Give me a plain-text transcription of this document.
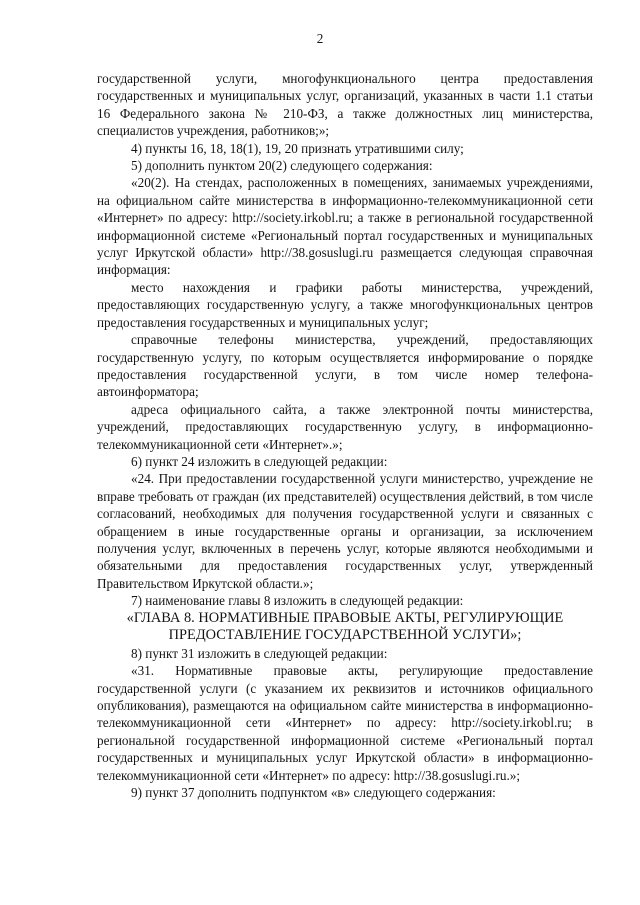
2

государственной услуги, многофункционального центра предоставления государственных и муниципальных услуг, организаций, указанных в части 1.1 статьи 16 Федерального закона № 210-ФЗ, а также должностных лиц министерства, специалистов учреждения, работников;»;

4) пункты 16, 18, 18(1), 19, 20 признать утратившими силу;

5) дополнить пунктом 20(2) следующего содержания:

«20(2). На стендах, расположенных в помещениях, занимаемых учреждениями, на официальном сайте министерства в информационно-телекоммуникационной сети «Интернет» по адресу: http://society.irkobl.ru; а также в региональной государственной информационной системе «Региональный портал государственных и муниципальных услуг Иркутской области» http://38.gosuslugi.ru размещается следующая справочная информация:

место нахождения и графики работы министерства, учреждений, предоставляющих государственную услугу, а также многофункциональных центров предоставления государственных и муниципальных услуг;

справочные телефоны министерства, учреждений, предоставляющих государственную услугу, по которым осуществляется информирование о порядке предоставления государственной услуги, в том числе номер телефона-автоинформатора;

адреса официального сайта, а также электронной почты министерства, учреждений, предоставляющих государственную услугу, в информационно-телекоммуникационной сети «Интернет».»;

6) пункт 24 изложить в следующей редакции:

«24. При предоставлении государственной услуги министерство, учреждение не вправе требовать от граждан (их представителей) осуществления действий, в том числе согласований, необходимых для получения государственной услуги и связанных с обращением в иные государственные органы и организации, за исключением получения услуг, включенных в перечень услуг, которые являются необходимыми и обязательными для предоставления государственных услуг, утвержденный Правительством Иркутской области.»;

7) наименование главы 8 изложить в следующей редакции:

«ГЛАВА 8. НОРМАТИВНЫЕ ПРАВОВЫЕ АКТЫ, РЕГУЛИРУЮЩИЕ ПРЕДОСТАВЛЕНИЕ ГОСУДАРСТВЕННОЙ УСЛУГИ»;

8) пункт 31 изложить в следующей редакции:

«31. Нормативные правовые акты, регулирующие предоставление государственной услуги (с указанием их реквизитов и источников официального опубликования), размещаются на официальном сайте министерства в информационно-телекоммуникационной сети «Интернет» по адресу: http://society.irkobl.ru; в региональной государственной информационной системе «Региональный портал государственных и муниципальных услуг Иркутской области» в информационно-телекоммуникационной сети «Интернет» по адресу: http://38.gosuslugi.ru.»;

9) пункт 37 дополнить подпунктом «в» следующего содержания:
